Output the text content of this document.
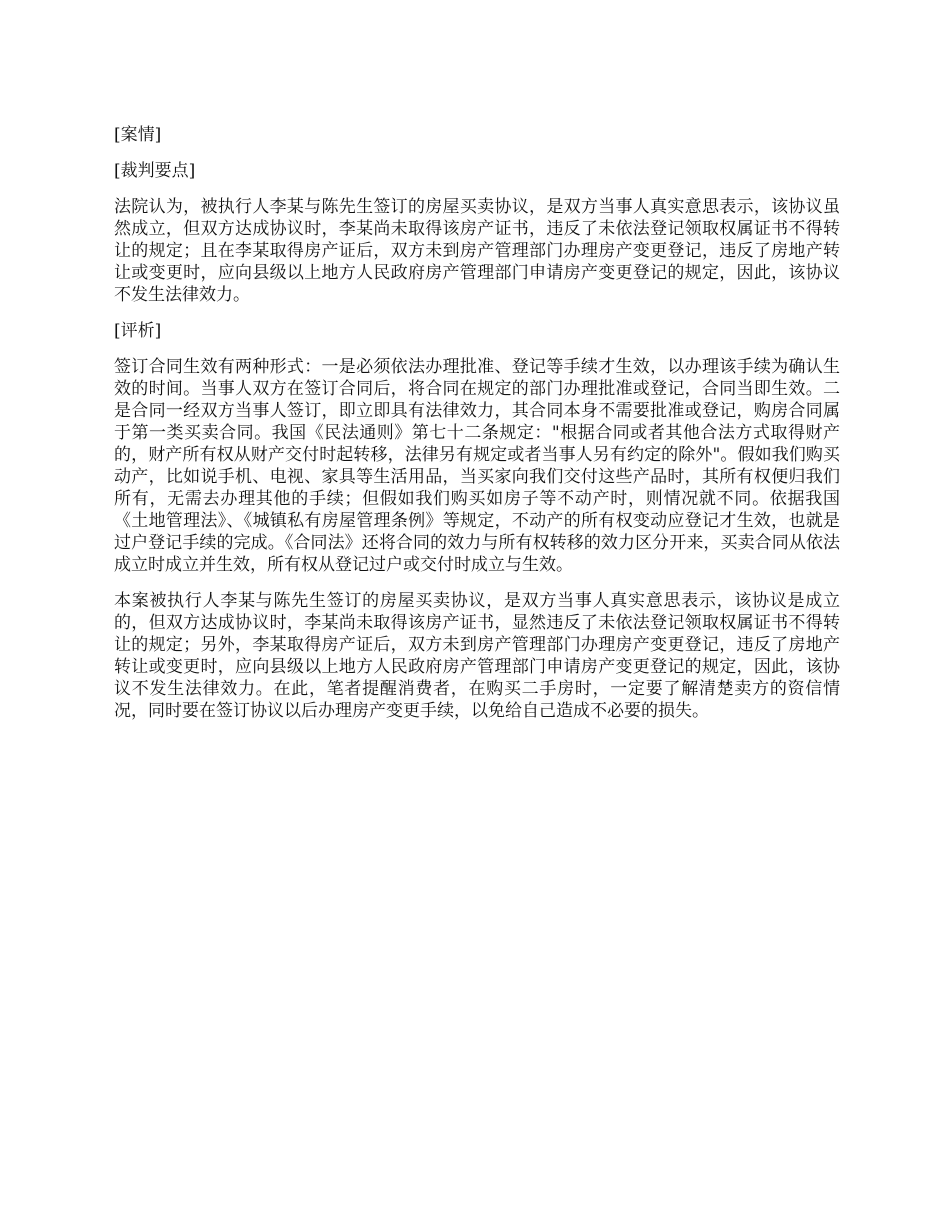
[案情]

[裁判要点]

法院认为，被执行人李某与陈先生签订的房屋买卖协议，是双方当事人真实意思表示，该协议虽然成立，但双方达成协议时，李某尚未取得该房产证书，违反了未依法登记领取权属证书不得转让的规定；且在李某取得房产证后，双方未到房产管理部门办理房产变更登记，违反了房地产转让或变更时，应向县级以上地方人民政府房产管理部门申请房产变更登记的规定，因此，该协议不发生法律效力。

[评析]

签订合同生效有两种形式：一是必须依法办理批准、登记等手续才生效，以办理该手续为确认生效的时间。当事人双方在签订合同后，将合同在规定的部门办理批准或登记，合同当即生效。二是合同一经双方当事人签订，即立即具有法律效力，其合同本身不需要批准或登记，购房合同属于第一类买卖合同。我国《民法通则》第七十二条规定："根据合同或者其他合法方式取得财产的，财产所有权从财产交付时起转移，法律另有规定或者当事人另有约定的除外"。假如我们购买动产，比如说手机、电视、家具等生活用品，当买家向我们交付这些产品时，其所有权便归我们所有，无需去办理其他的手续；但假如我们购买如房子等不动产时，则情况就不同。依据我国《土地管理法》、《城镇私有房屋管理条例》等规定，不动产的所有权变动应登记才生效，也就是过户登记手续的完成。《合同法》还将合同的效力与所有权转移的效力区分开来，买卖合同从依法成立时成立并生效，所有权从登记过户或交付时成立与生效。

本案被执行人李某与陈先生签订的房屋买卖协议，是双方当事人真实意思表示，该协议是成立的，但双方达成协议时，李某尚未取得该房产证书，显然违反了未依法登记领取权属证书不得转让的规定；另外，李某取得房产证后，双方未到房产管理部门办理房产变更登记，违反了房地产转让或变更时，应向县级以上地方人民政府房产管理部门申请房产变更登记的规定，因此，该协议不发生法律效力。在此，笔者提醒消费者，在购买二手房时，一定要了解清楚卖方的资信情况，同时要在签订协议以后办理房产变更手续，以免给自己造成不必要的损失。
